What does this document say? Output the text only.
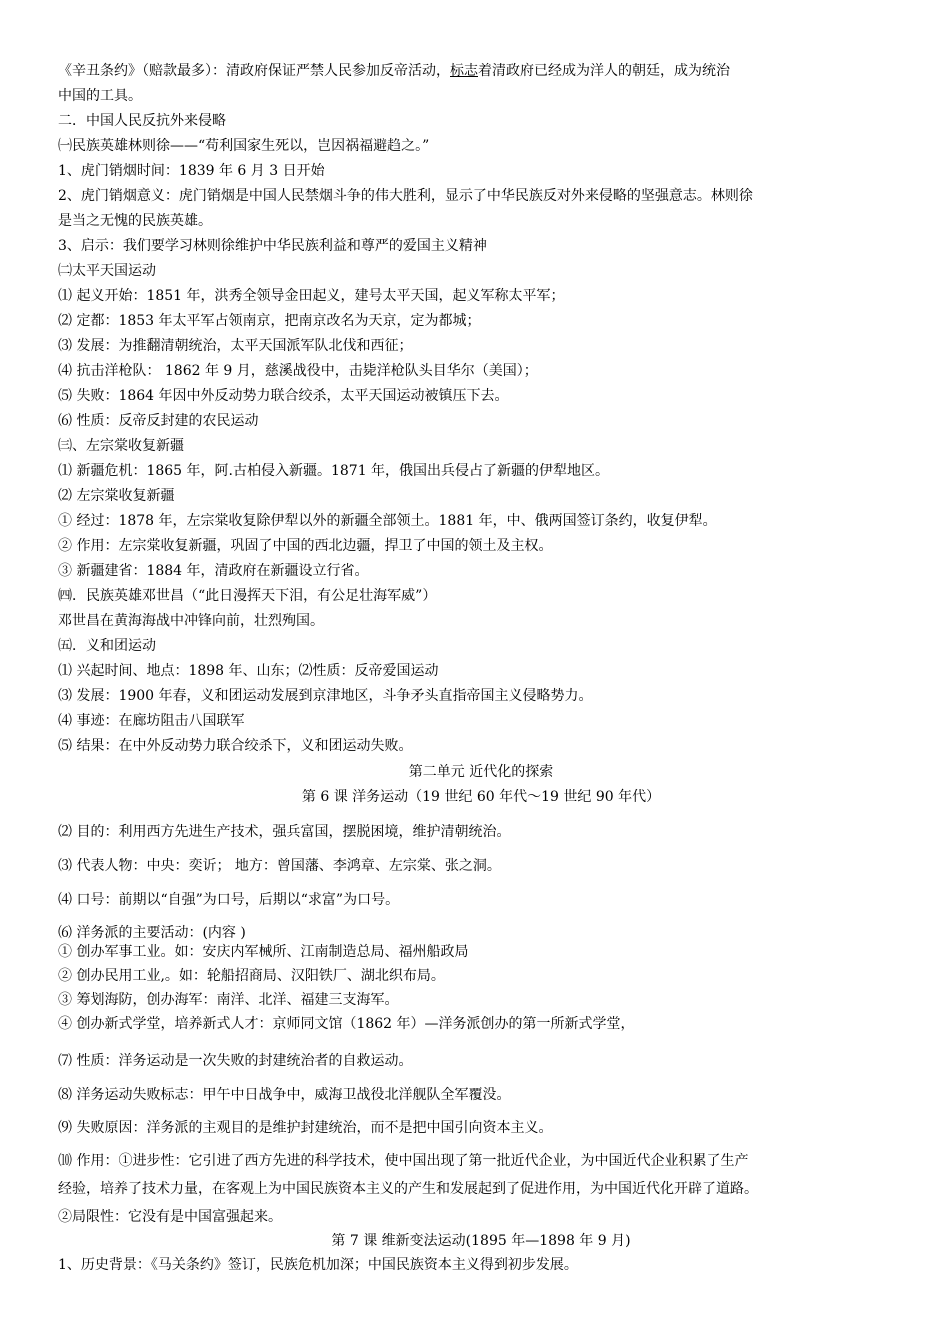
《辛丑条约》（赔款最多）：清政府保证严禁人民参加反帝活动，标志着清政府已经成为洋人的朝廷，成为统治
中国的工具。
二．中国人民反抗外来侵略
㈠民族英雄林则徐——“苟利国家生死以，岂因祸福避趋之。”
1、虎门销烟时间：1839 年 6 月 3 日开始
2、虎门销烟意义：虎门销烟是中国人民禁烟斗争的伟大胜利，显示了中华民族反对外来侵略的坚强意志。林则徐
是当之无愧的民族英雄。
3、启示：我们要学习林则徐维护中华民族利益和尊严的爱国主义精神
㈡太平天国运动
⑴ 起义开始：1851 年，洪秀全领导金田起义，建号太平天国，起义军称太平军；
⑵ 定都：1853 年太平军占领南京，把南京改名为天京，定为都城；
⑶ 发展：为推翻清朝统治，太平天国派军队北伐和西征；
⑷ 抗击洋枪队： 1862 年 9 月，慈溪战役中，击毙洋枪队头目华尔（美国）；
⑸ 失败：1864 年因中外反动势力联合绞杀，太平天国运动被镇压下去。
⑹ 性质：反帝反封建的农民运动
㈢、左宗棠收复新疆
⑴ 新疆危机：1865 年，阿.古柏侵入新疆。1871 年，俄国出兵侵占了新疆的伊犁地区。
⑵ 左宗棠收复新疆
① 经过：1878 年，左宗棠收复除伊犁以外的新疆全部领土。1881 年，中、俄两国签订条约，收复伊犁。
② 作用：左宗棠收复新疆，巩固了中国的西北边疆，捍卫了中国的领土及主权。
③ 新疆建省：1884 年，清政府在新疆设立行省。
㈣．民族英雄邓世昌（“此日漫挥天下泪，有公足壮海军威”）
邓世昌在黄海海战中冲锋向前，壮烈殉国。
㈤．义和团运动
⑴ 兴起时间、地点：1898 年、山东；⑵性质：反帝爱国运动
⑶ 发展：1900 年春，义和团运动发展到京津地区，斗争矛头直指帝国主义侵略势力。
⑷ 事迹：在廊坊阻击八国联军
⑸ 结果：在中外反动势力联合绞杀下，义和团运动失败。
第二单元 近代化的探索
第 6 课 洋务运动（19 世纪 60 年代～19 世纪 90 年代）
⑵ 目的：利用西方先进生产技术，强兵富国，摆脱困境，维护清朝统治。
⑶ 代表人物：中央：奕䜣； 地方：曾国藩、李鸿章、左宗棠、张之洞。
⑷ 口号：前期以“自强”为口号，后期以“求富”为口号。
⑹ 洋务派的主要活动：(内容 )
① 创办军事工业。如：安庆内军械所、江南制造总局、福州船政局
② 创办民用工业,。如：轮船招商局、汉阳铁厂、湖北织布局。
③ 筹划海防，创办海军：南洋、北洋、福建三支海军。
④ 创办新式学堂，培养新式人才：京师同文馆（1862 年）—洋务派创办的第一所新式学堂，
⑺ 性质：洋务运动是一次失败的封建统治者的自救运动。
⑻ 洋务运动失败标志：甲午中日战争中，威海卫战役北洋舰队全军覆没。
⑼ 失败原因：洋务派的主观目的是维护封建统治，而不是把中国引向资本主义。
⑽ 作用：①进步性：它引进了西方先进的科学技术，使中国出现了第一批近代企业，为中国近代企业积累了生产
经验，培养了技术力量，在客观上为中国民族资本主义的产生和发展起到了促进作用，为中国近代化开辟了道路。
②局限性：它没有是中国富强起来。
第 7 课 维新变法运动(1895 年—1898 年 9 月)
1、历史背景：《马关条约》签订，民族危机加深；中国民族资本主义得到初步发展。
